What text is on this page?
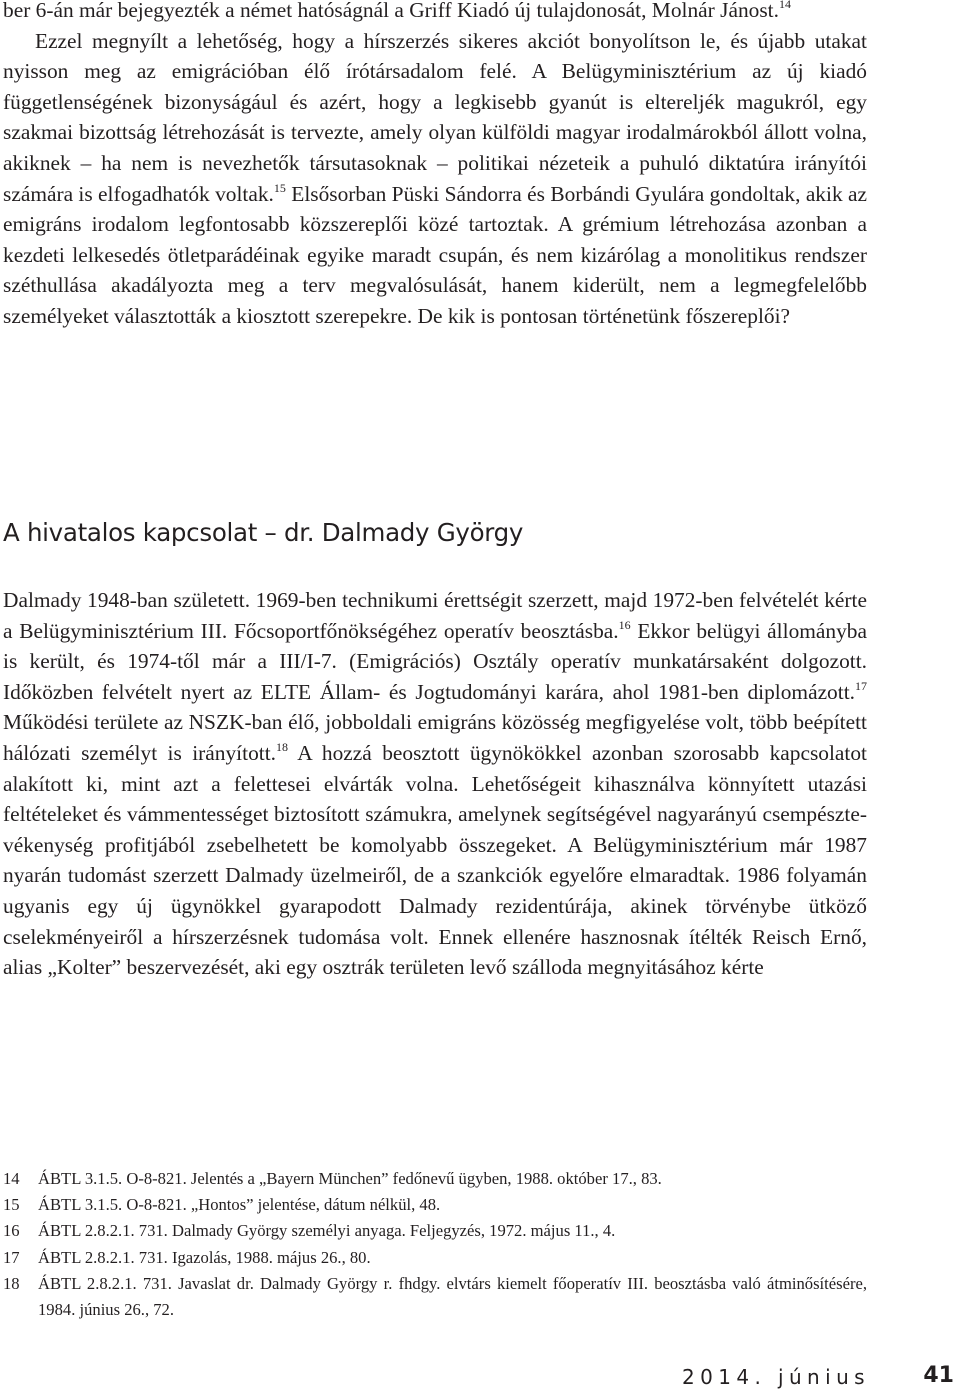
ber 6-án már bejegyezték a német hatóságnál a Griff Kiadó új tulajdonosát, Molnár Jánost.$^{14}$

Ezzel megnyílt a lehetőség, hogy a hírszerzés sikeres akciót bonyolítson le, és újabb utakat nyisson meg az emigrációban élő írótársadalom felé. A Belügyminisztérium az új kiadó függetlenségének bizonyságául és azért, hogy a legkisebb gyanút is eltereljék magukról, egy szakmai bizottság létrehozását is tervezte, amely olyan külföldi magyar irodalmárokból állott volna, akiknek – ha nem is nevezhetők társutasoknak – politikai nézeteik a puhuló diktatúra irányítói számára is elfogadhatók voltak.$^{15}$ Elsősorban Püski Sándorra és Borbándi Gyulára gondoltak, akik az emigráns irodalom legfontosabb közszereplői közé tartoztak. A grémium létrehozása azonban a kezdeti lelkesedés ötletparádéinak egyike maradt csupán, és nem kizárólag a monolitikus rendszer széthullása akadályozta meg a terv megvalósulását, hanem kiderült, nem a legmegfelelőbb személyeket választották a kiosztott szerepekre. De kik is pontosan történetünk főszereplői?

A hivatalos kapcsolat – dr. Dalmady György

Dalmady 1948-ban született. 1969-ben technikumi érettségit szerzett, majd 1972-ben felvételét kérte a Belügyminisztérium III. Főcsoportfőnökségéhez operatív beosztásba.$^{16}$ Ekkor belügyi állományba is került, és 1974-től már a III/I-7. (Emigrációs) Osztály operatív munkatársaként dolgozott. Időközben felvételt nyert az ELTE Állam- és Jogtudományi karára, ahol 1981-ben diplomázott.$^{17}$ Működési területe az NSZK-ban élő, jobboldali emigráns közösség megfigyelése volt, több beépített hálózati személyt is irányított.$^{18}$ A hozzá beosztott ügynökökkel azonban szorosabb kapcsolatot alakított ki, mint azt a felettesei elvárták volna. Lehetőségeit kihasználva könnyített utazási feltételeket és vámmentességet biztosított számukra, amelynek segítségével nagyarányú csempésztevékenység profitjából zsebelhetett be komolyabb összegeket. A Belügyminisztérium már 1987 nyarán tudomást szerzett Dalmady üzelmeiről, de a szankciók egyelőre elmaradtak. 1986 folyamán ugyanis egy új ügynökkel gyarapodott Dalmady rezidentúrája, akinek törvénybe ütköző cselekményeiről a hírszerzésnek tudomása volt. Ennek ellenére hasznosnak ítélték Reisch Ernő, alias „Kolter” beszervezését, aki egy osztrák területen levő szálloda megnyitásához kérte

14	ÁBTL 3.1.5. O-8-821. Jelentés a „Bayern München” fedőnevű ügyben, 1988. október 17., 83.
15	ÁBTL 3.1.5. O-8-821. „Hontos” jelentése, dátum nélkül, 48.
16	ÁBTL 2.8.2.1. 731. Dalmady György személyi anyaga. Feljegyzés, 1972. május 11., 4.
17	ÁBTL 2.8.2.1. 731. Igazolás, 1988. május 26., 80.
18	ÁBTL 2.8.2.1. 731. Javaslat dr. Dalmady György r. fhdgy. elvtárs kiemelt főoperatív III. beosztásba való átminősítésére, 1984. június 26., 72.
2014. június 41
